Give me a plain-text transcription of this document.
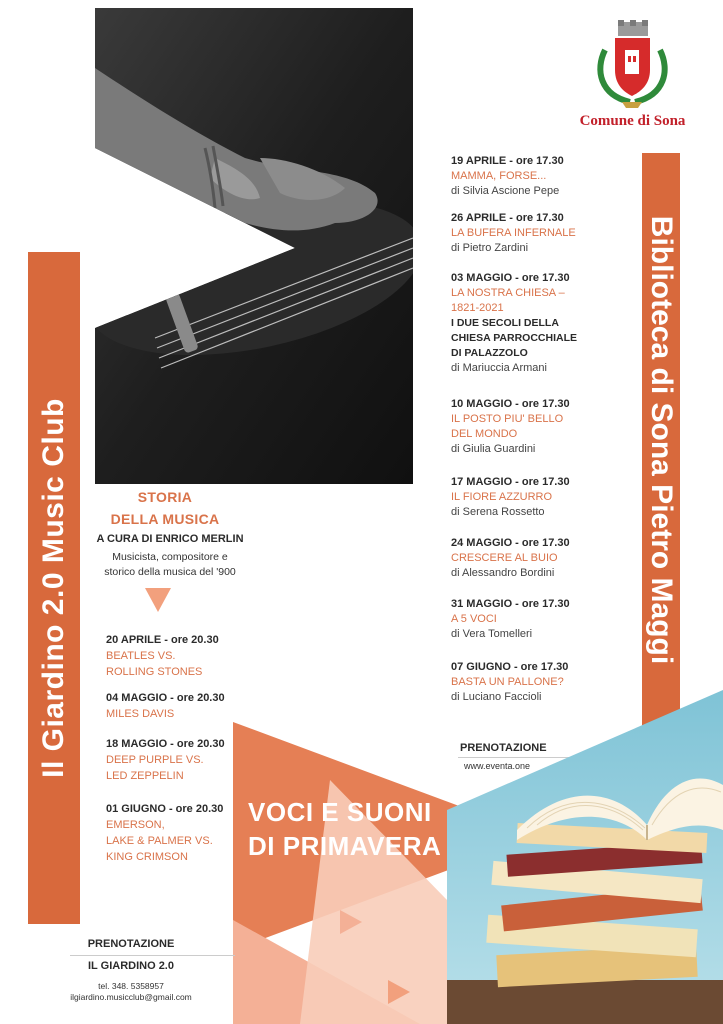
Comune di Sona
Il Giardino 2.0 Music Club	Biblioteca di Sona Pietro Maggi
STORIA
DELLA MUSICA
A CURA DI ENRICO MERLIN
Musicista, compositore e
storico della musica del '900
20 APRILE - ore 20.30
BEATLES VS.
ROLLING STONES
04 MAGGIO - ore 20.30
MILES DAVIS
18 MAGGIO - ore 20.30
DEEP PURPLE VS.
LED ZEPPELIN
01 GIUGNO - ore 20.30
EMERSON,
LAKE & PALMER VS.
KING CRIMSON
19 APRILE - ore 17.30
MAMMA, FORSE...
di Silvia Ascione Pepe
26 APRILE - ore 17.30
LA BUFERA INFERNALE
di Pietro Zardini
03 MAGGIO - ore 17.30
LA NOSTRA CHIESA –
1821-2021
I DUE SECOLI DELLA
CHIESA PARROCCHIALE
DI PALAZZOLO
di Mariuccia Armani
10 MAGGIO - ore 17.30
IL POSTO PIU' BELLO
DEL MONDO
di Giulia Guardini
17 MAGGIO - ore 17.30
IL FIORE AZZURRO
di Serena Rossetto
24 MAGGIO - ore 17.30
CRESCERE AL BUIO
di Alessandro Bordini
31 MAGGIO - ore 17.30
A 5 VOCI
di Vera Tomelleri
07 GIUGNO - ore 17.30
BASTA UN PALLONE?
di Luciano Faccioli
VOCI E SUONI
DI PRIMAVERA
PRENOTAZIONE
www.eventa.one
PRENOTAZIONE
IL GIARDINO 2.0
tel. 348. 5358957
ilgiardino.musicclub@gmail.com
